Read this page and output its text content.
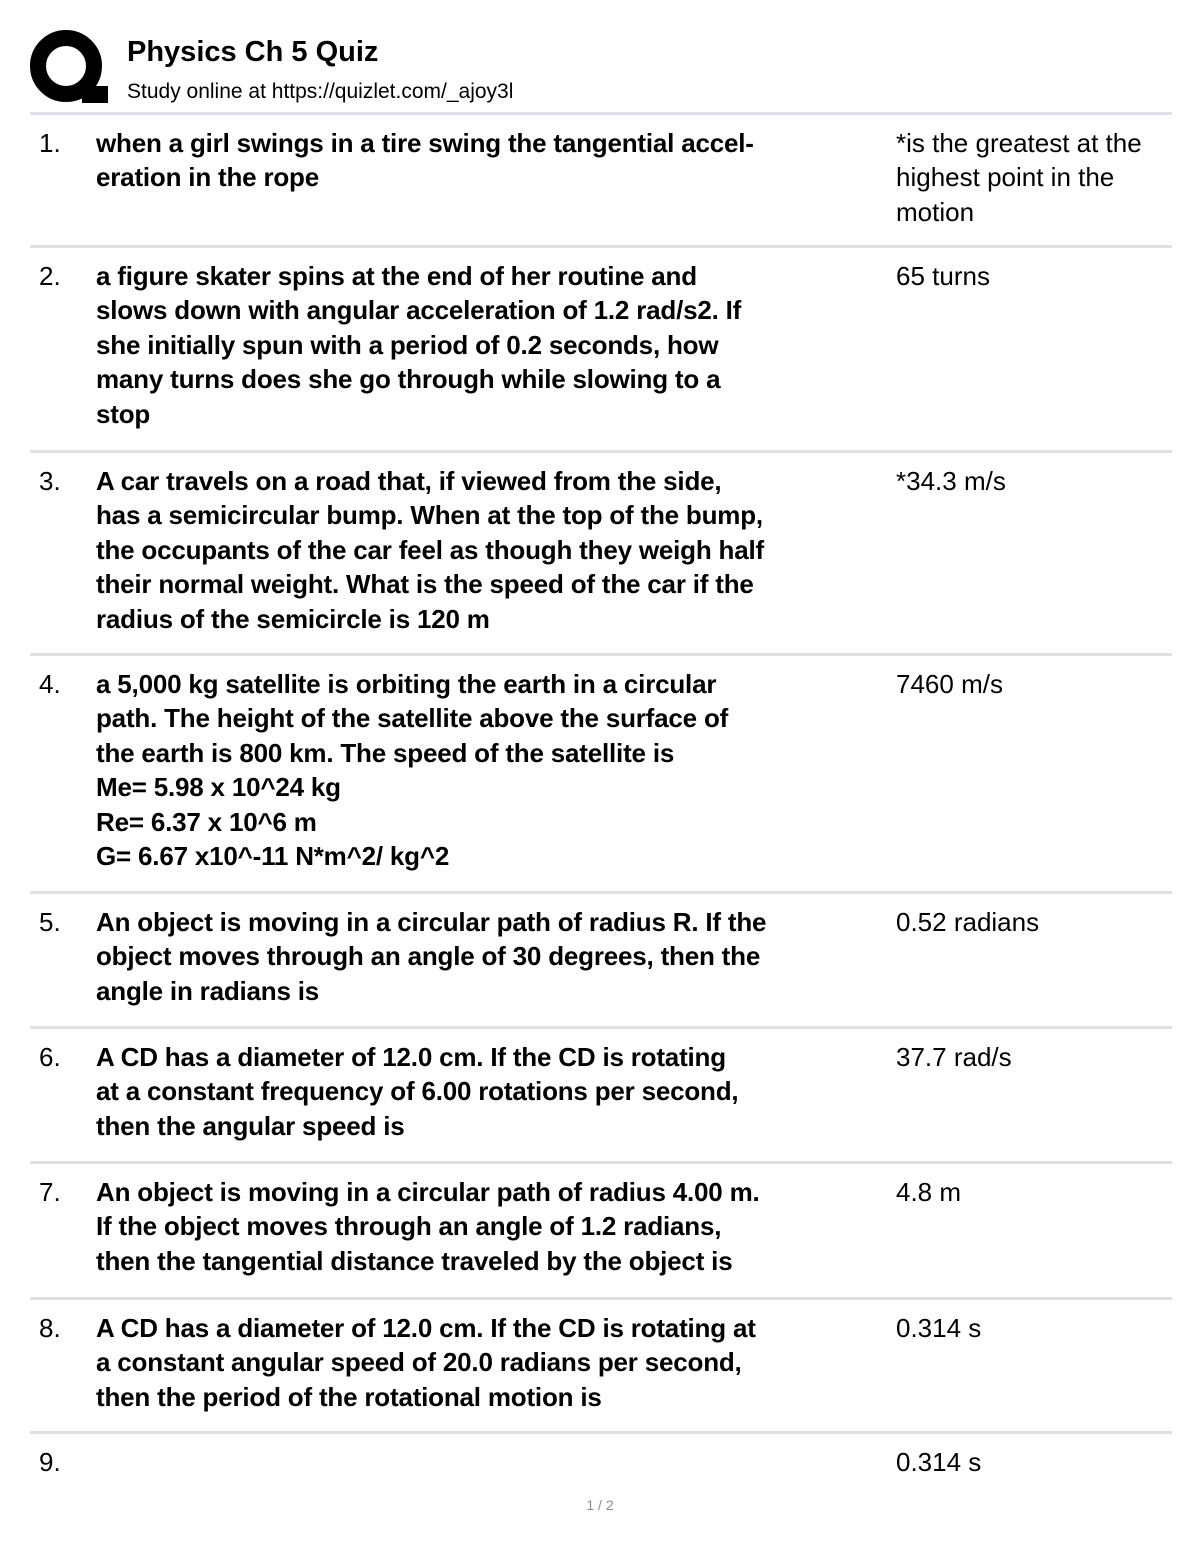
Physics Ch 5 Quiz
Study online at https://quizlet.com/_ajoy3l
1. when a girl swings in a tire swing the tangential accel-
eration in the rope
*is the greatest at the highest point in the motion
2. a figure skater spins at the end of her routine and
slows down with angular acceleration of 1.2 rad/s2. If
she initially spun with a period of 0.2 seconds, how
many turns does she go through while slowing to a
stop
65 turns
3. A car travels on a road that, if viewed from the side,
has a semicircular bump. When at the top of the bump,
the occupants of the car feel as though they weigh half
their normal weight. What is the speed of the car if the
radius of the semicircle is 120 m
*34.3 m/s
4. a 5,000 kg satellite is orbiting the earth in a circular
path. The height of the satellite above the surface of
the earth is 800 km. The speed of the satellite is
Me= 5.98 x 10^24 kg
Re= 6.37 x 10^6 m
G= 6.67 x10^-11 N*m^2/ kg^2
7460 m/s
5. An object is moving in a circular path of radius R. If the
object moves through an angle of 30 degrees, then the
angle in radians is
0.52 radians
6. A CD has a diameter of 12.0 cm. If the CD is rotating
at a constant frequency of 6.00 rotations per second,
then the angular speed is
37.7 rad/s
7. An object is moving in a circular path of radius 4.00 m.
If the object moves through an angle of 1.2 radians,
then the tangential distance traveled by the object is
4.8 m
8. A CD has a diameter of 12.0 cm. If the CD is rotating at
a constant angular speed of 20.0 radians per second,
then the period of the rotational motion is
0.314 s
9.	0.314 s
1 / 2
